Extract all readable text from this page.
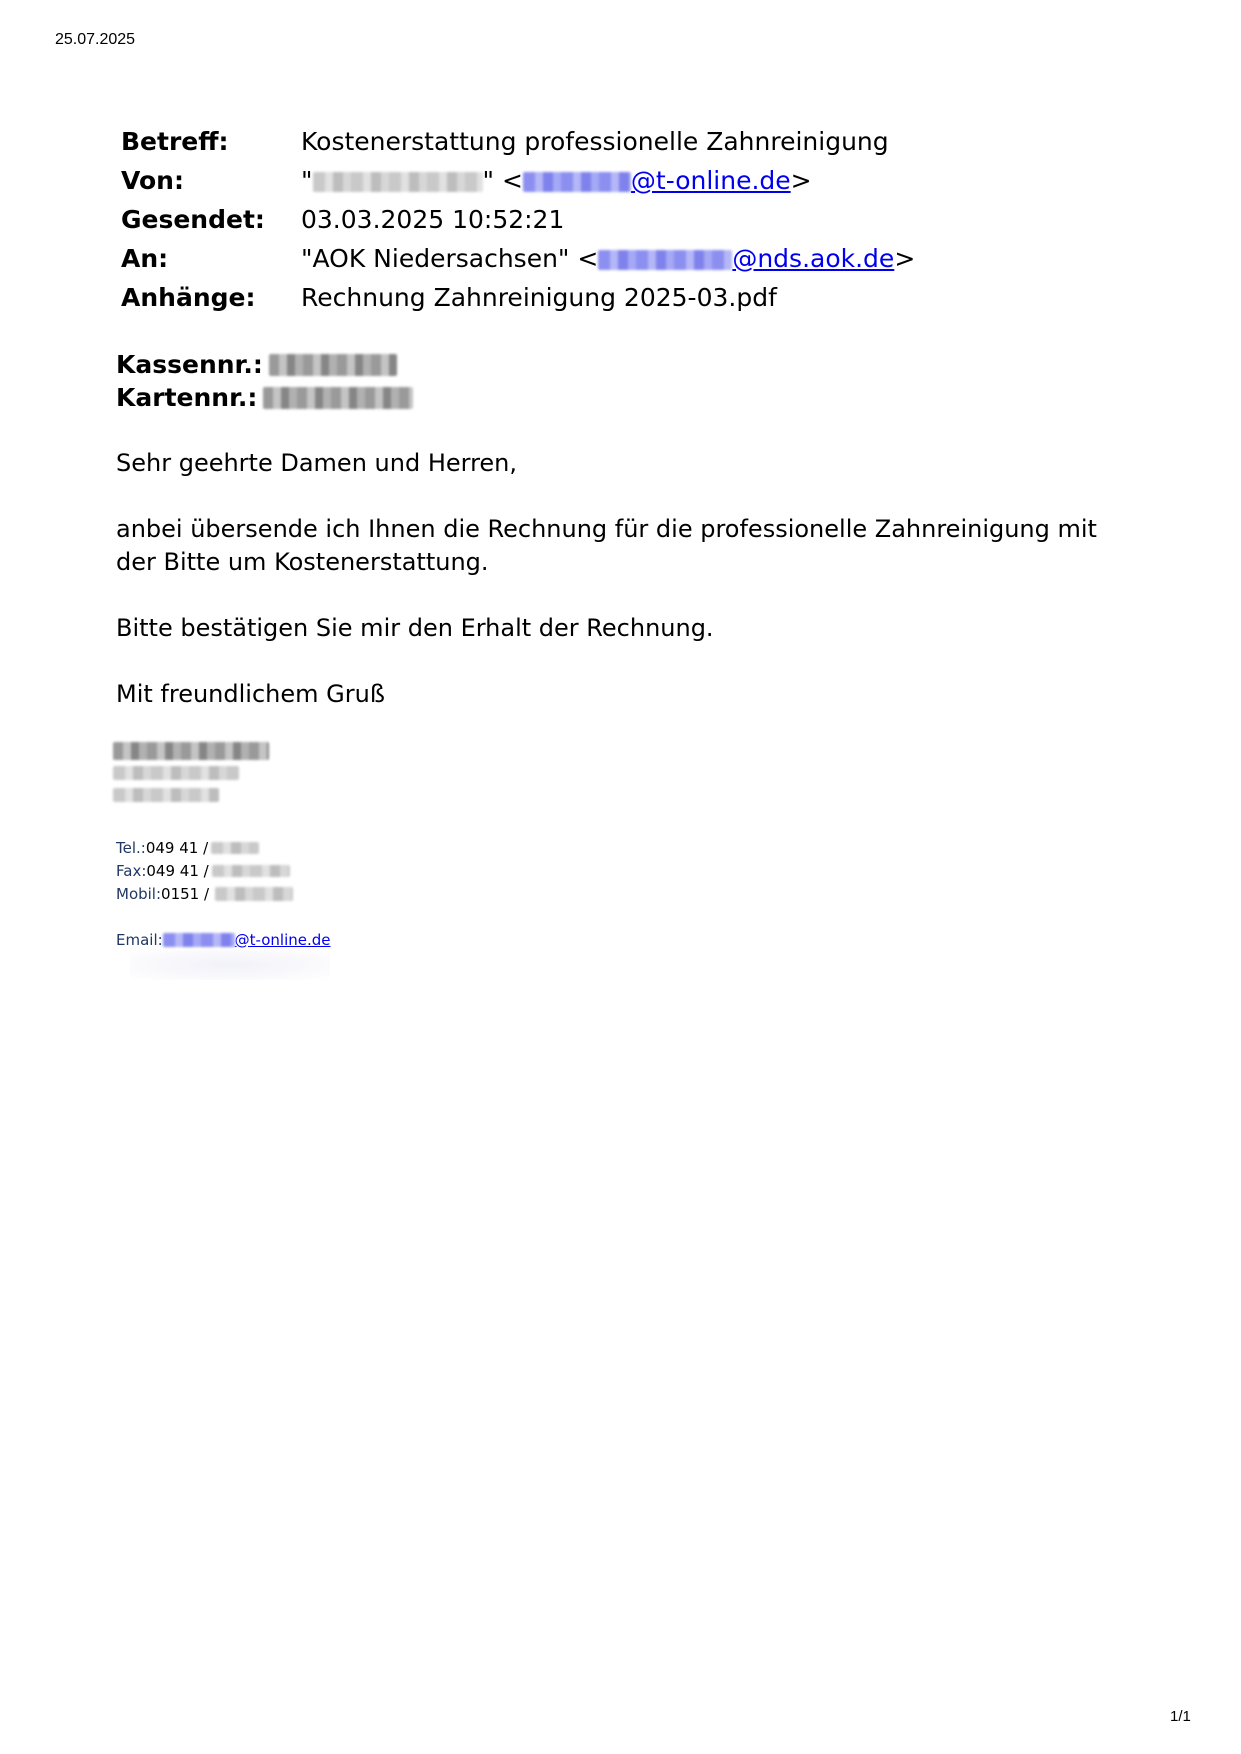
25.07.2025
Betreff:	Kostenerstattung professionelle Zahnreinigung
Von:	"	" <	@t-online.de>
Gesendet:	03.03.2025 10:52:21
An:	"AOK Niedersachsen" <	@nds.aok.de>
Anhänge:	Rechnung Zahnreinigung 2025-03.pdf
Kassennr.:
Kartennr.:
Sehr geehrte Damen und Herren,
anbei übersende ich Ihnen die Rechnung für die professionelle Zahnreinigung mit der Bitte um Kostenerstattung.
Bitte bestätigen Sie mir den Erhalt der Rechnung.
Mit freundlichem Gruß
Tel.: 049 41 /
Fax: 049 41 /
Mobil: 0151 /
Email:	@t-online.de
1/1
